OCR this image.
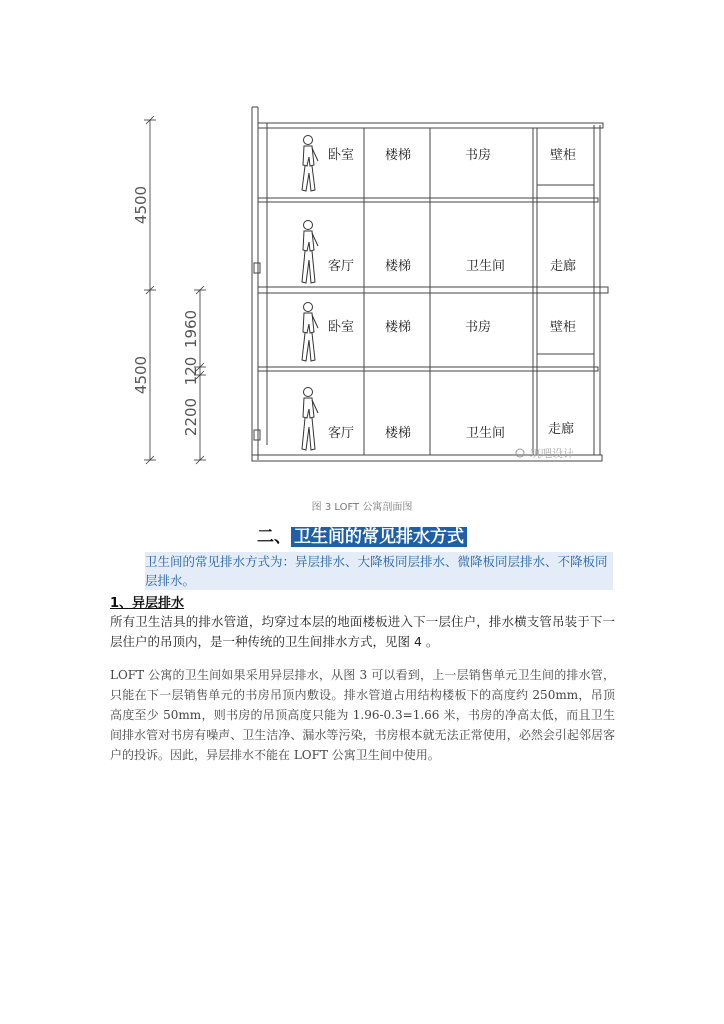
4500
4500
1960
120
2200
卧室 楼梯	书房	壁柜
客厅 楼梯	卫生间	走廊
卧室 楼梯	书房	壁柜
客厅 楼梯	卫生间	走廊
筑吧设计
图 3 LOFT 公寓剖面图
二、 卫生间的常见排水方式
卫生间的常见排水方式为：异层排水、大降板同层排水、微降板同层排水、不降板同层排水。
1、异层排水
所有卫生洁具的排水管道，均穿过本层的地面楼板进入下一层住户，排水横支管吊装于下一层住户的吊顶内，是一种传统的卫生间排水方式，见图 4 。
LOFT 公寓的卫生间如果采用异层排水，从图 3 可以看到，上一层销售单元卫生间的排水管，只能在下一层销售单元的书房吊顶内敷设。排水管道占用结构楼板下的高度约 250mm，吊顶高度至少 50mm，则书房的吊顶高度只能为 1.96-0.3=1.66 米，书房的净高太低，而且卫生间排水管对书房有噪声、卫生洁净、漏水等污染，书房根本就无法正常使用，必然会引起邻居客户的投诉。因此，异层排水不能在 LOFT 公寓卫生间中使用。
